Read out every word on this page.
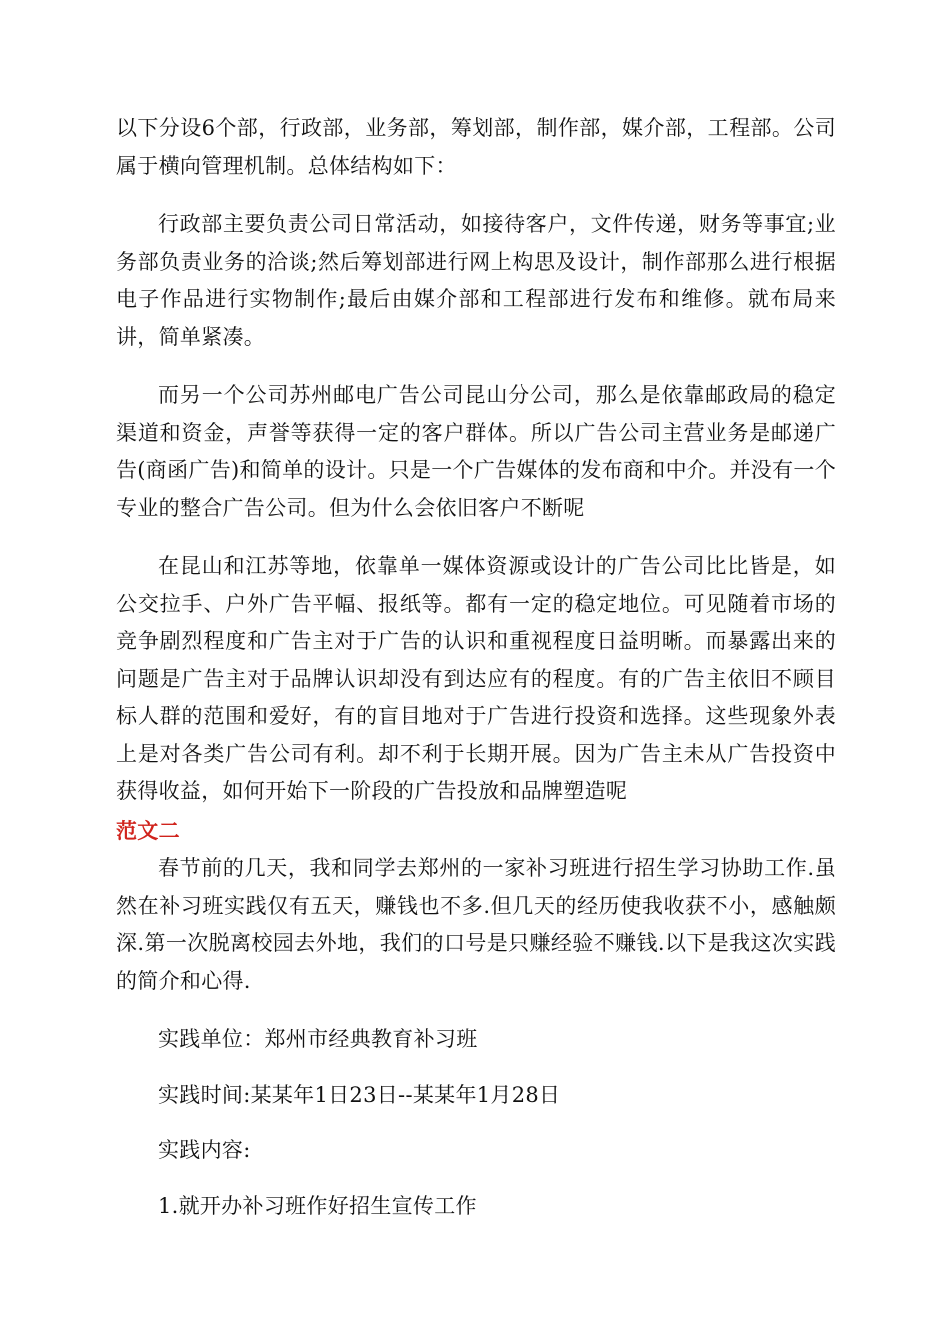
以下分设6个部，行政部，业务部，筹划部，制作部，媒介部，工程部。公司属于横向管理机制。总体结构如下：

行政部主要负责公司日常活动，如接待客户，文件传递，财务等事宜;业务部负责业务的洽谈;然后筹划部进行网上构思及设计，制作部那么进行根据电子作品进行实物制作;最后由媒介部和工程部进行发布和维修。就布局来讲，简单紧凑。

而另一个公司苏州邮电广告公司昆山分公司，那么是依靠邮政局的稳定渠道和资金，声誉等获得一定的客户群体。所以广告公司主营业务是邮递广告(商函广告)和简单的设计。只是一个广告媒体的发布商和中介。并没有一个专业的整合广告公司。但为什么会依旧客户不断呢

在昆山和江苏等地，依靠单一媒体资源或设计的广告公司比比皆是，如公交拉手、户外广告平幅、报纸等。都有一定的稳定地位。可见随着市场的竞争剧烈程度和广告主对于广告的认识和重视程度日益明晰。而暴露出来的问题是广告主对于品牌认识却没有到达应有的程度。有的广告主依旧不顾目标人群的范围和爱好，有的盲目地对于广告进行投资和选择。这些现象外表上是对各类广告公司有利。却不利于长期开展。因为广告主未从广告投资中获得收益，如何开始下一阶段的广告投放和品牌塑造呢

范文二

春节前的几天，我和同学去郑州的一家补习班进行招生学习协助工作.虽然在补习班实践仅有五天，赚钱也不多.但几天的经历使我收获不小，感触颇深.第一次脱离校园去外地，我们的口号是只赚经验不赚钱.以下是我这次实践的简介和心得.

实践单位：郑州市经典教育补习班

实践时间:某某年1日23日--某某年1月28日

实践内容:

1.就开办补习班作好招生宣传工作
